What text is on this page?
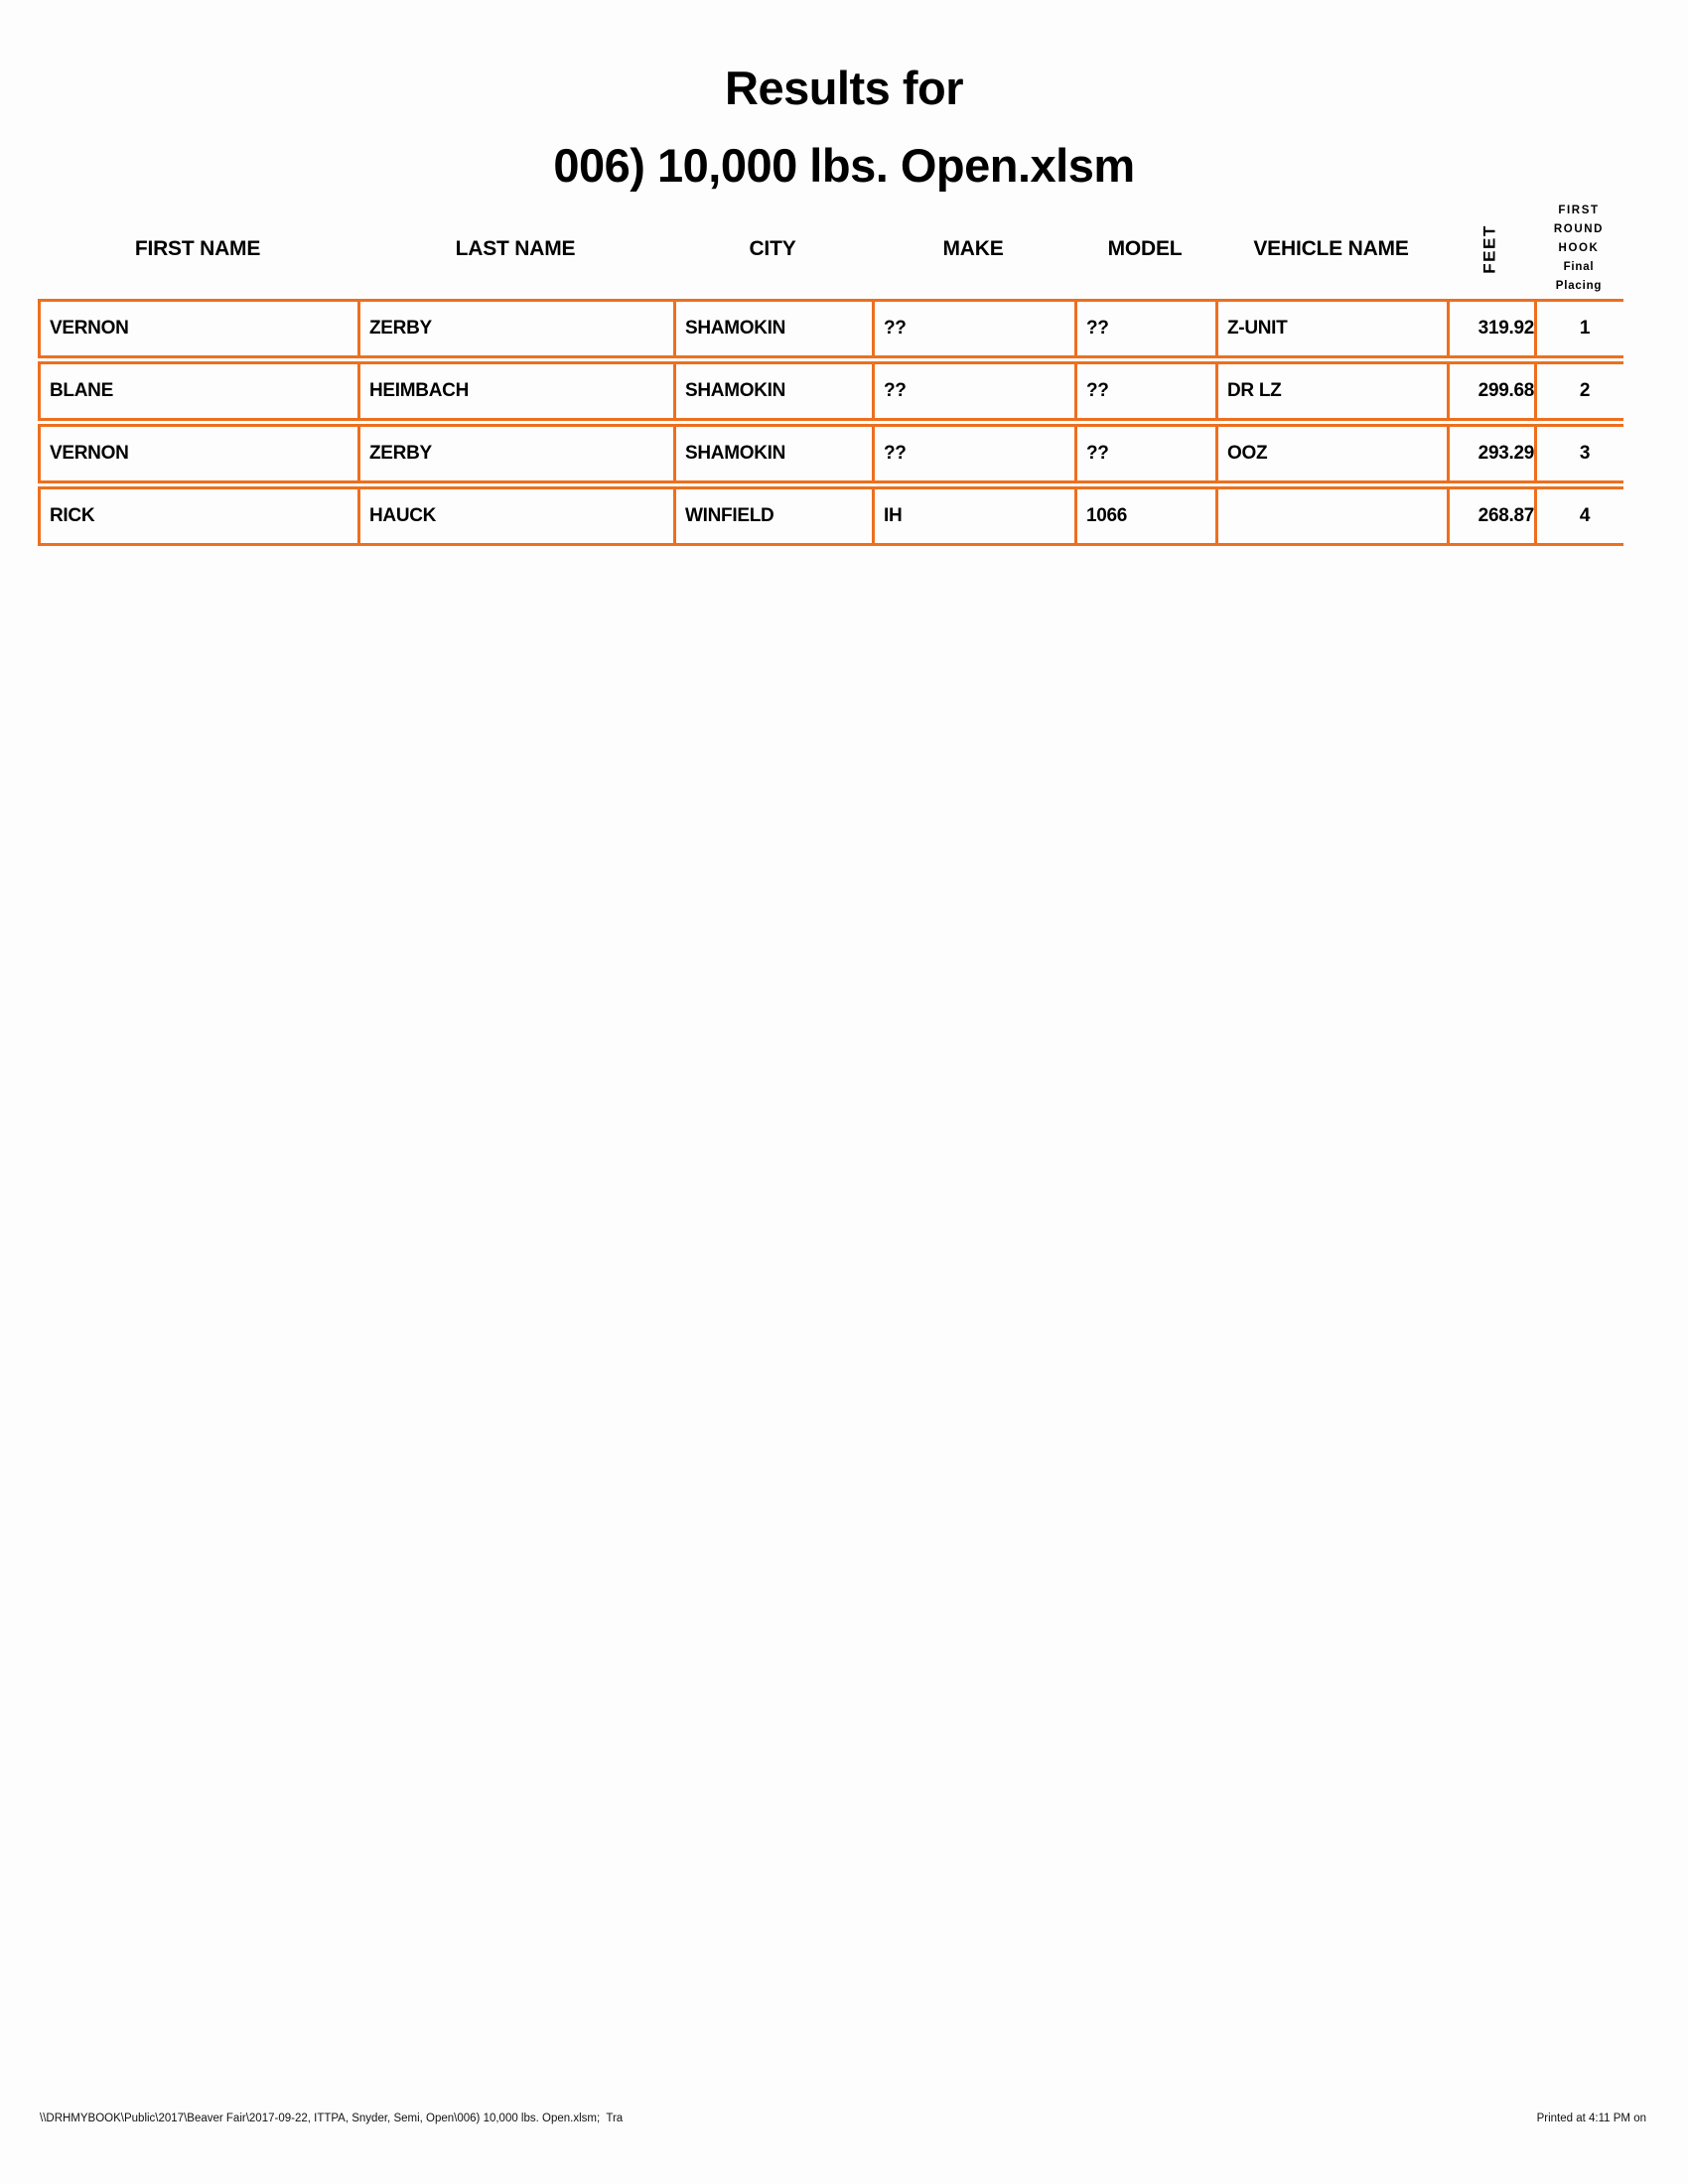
Results for
006) 10,000 lbs. Open.xlsm
FIRST NAME	LAST NAME	CITY	MAKE	MODEL	VEHICLE NAME	FEET	FIRST
ROUND
HOOK
Final
Placing

VERNON	ZERBY	SHAMOKIN	??	??	Z-UNIT	319.92	1
BLANE	HEIMBACH	SHAMOKIN	??	??	DR LZ	299.68	2
VERNON	ZERBY	SHAMOKIN	??	??	OOZ	293.29	3
RICK	HAUCK	WINFIELD	IH	1066		268.87	4
\\DRHMYBOOK\Public\2017\Beaver Fair\2017-09-22, ITTPA, Snyder, Semi, Open\006) 10,000 lbs. Open.xlsm;  Tra	Printed at 4:11 PM on
